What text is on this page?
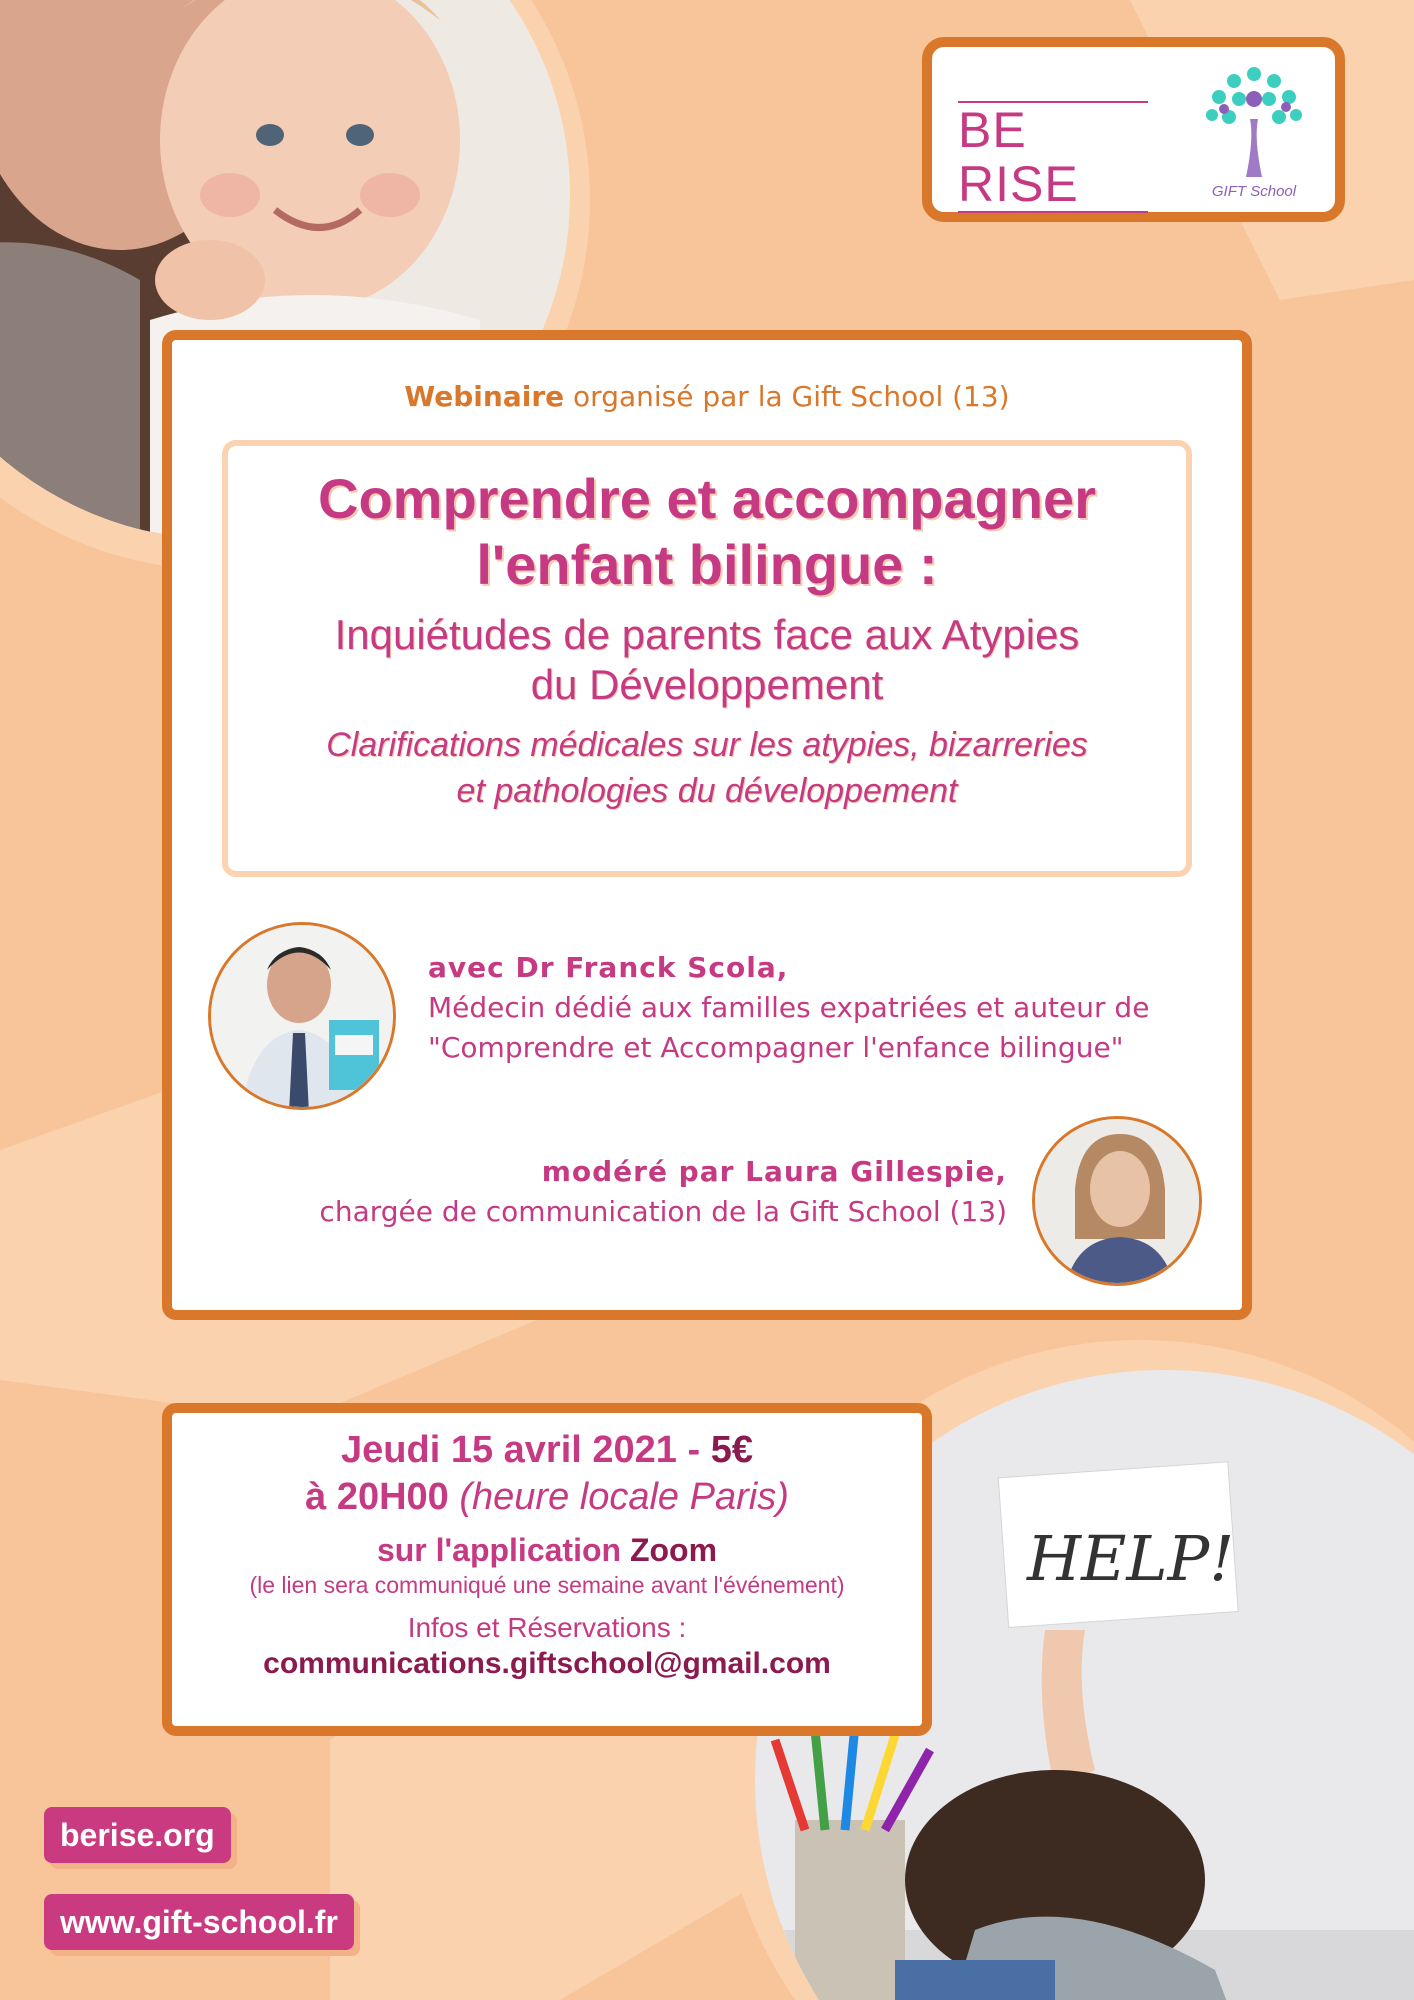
HELP!
BE RISE	GIFT School
Webinaire organisé par la Gift School (13)
Comprendre et accompagner
l'enfant bilingue :
Inquiétudes de parents face aux Atypies
du Développement
Clarifications médicales sur les atypies, bizarreries
et pathologies du développement
avec Dr Franck Scola,
Médecin dédié aux familles expatriées et auteur de
"Comprendre et Accompagner l'enfance bilingue"
modéré par Laura Gillespie,
chargée de communication de la Gift School (13)
Jeudi 15 avril 2021 - 5€
à 20H00 (heure locale Paris)
sur l'application Zoom
(le lien sera communiqué une semaine avant l'événement)
Infos et Réservations :
communications.giftschool@gmail.com
berise.org
www.gift-school.fr
